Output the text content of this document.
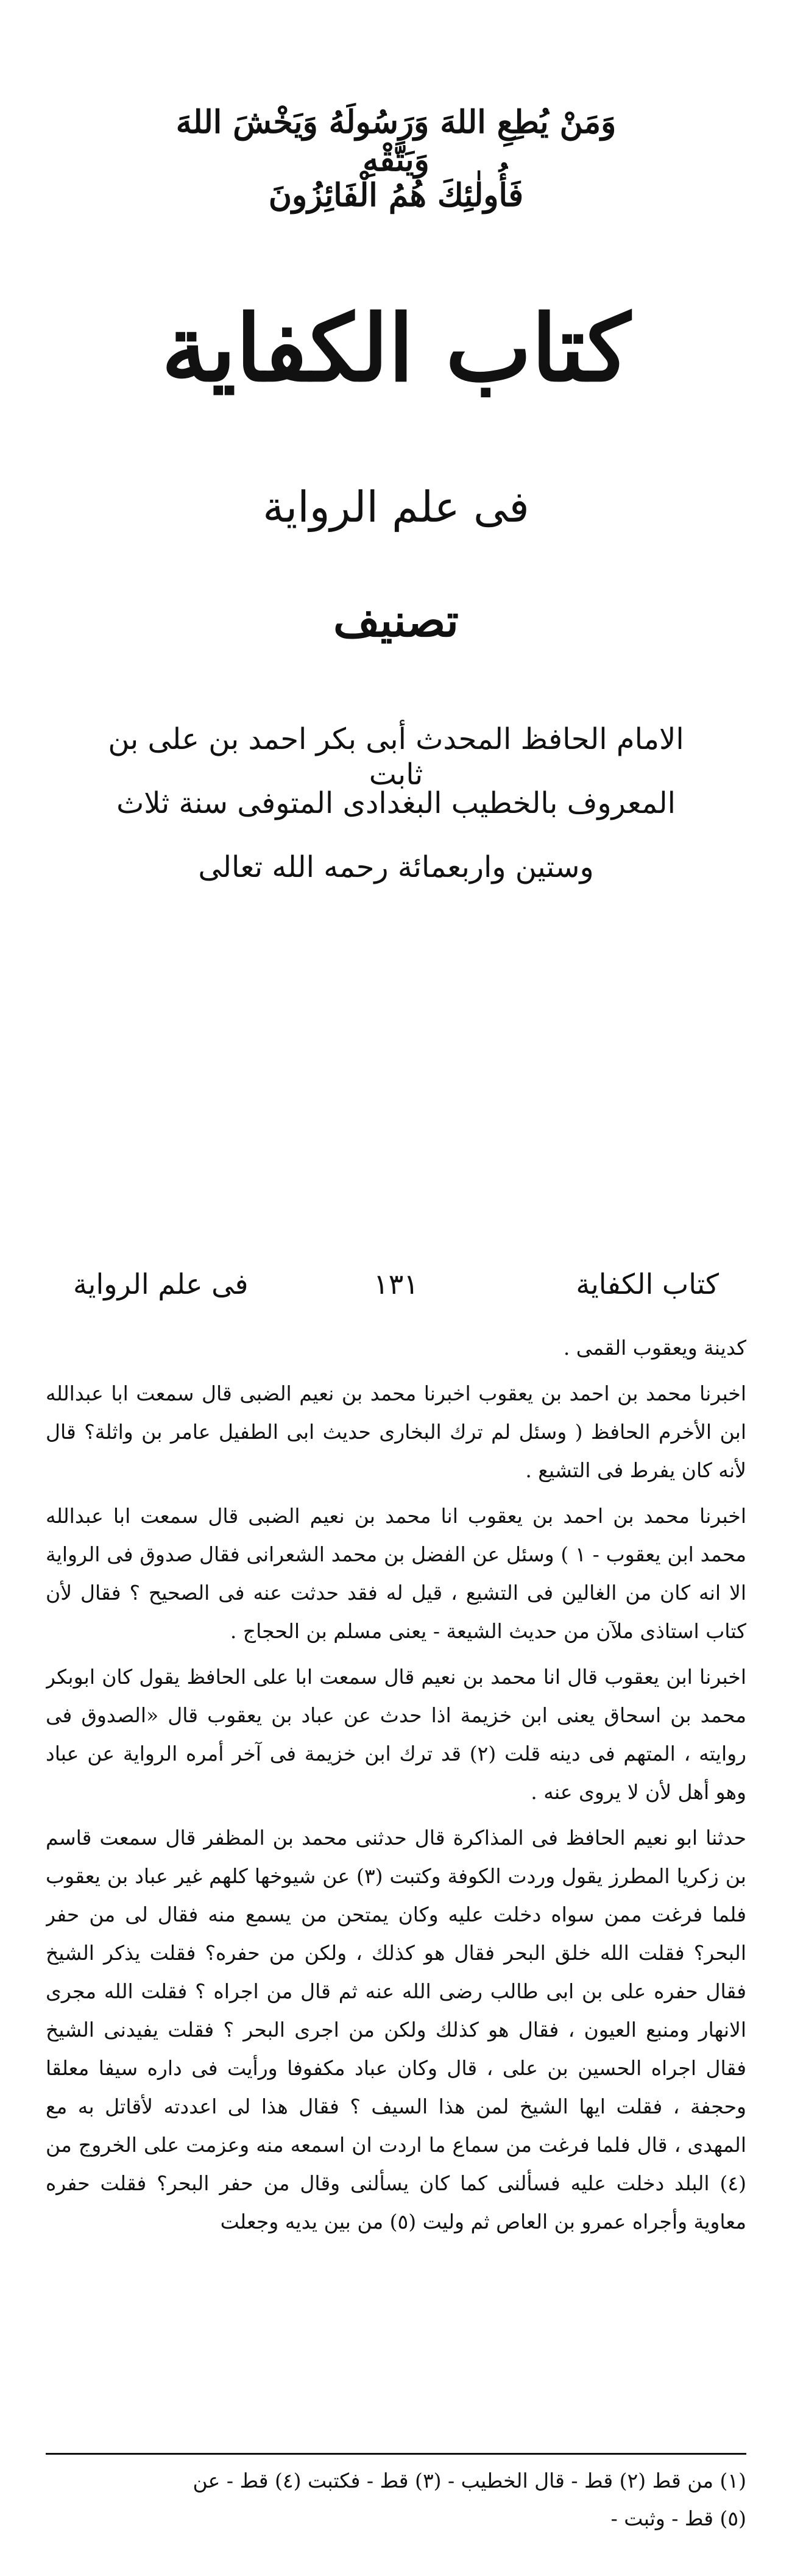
وَمَنْ يُطِعِ اللهَ وَرَسُولَهُ وَيَخْشَ اللهَ وَيَتَّقْهِ
فَأُولٰئِكَ هُمُ الْفَائِزُونَ
كتاب الكفاية
فى علم الرواية
تصنيف
الامام الحافظ المحدث أبى بكر احمد بن على بن ثابت
المعروف بالخطيب البغدادى المتوفى سنة ثلاث
وستين واربعمائة رحمه الله تعالى
كتاب الكفاية
١٣١
فى علم الرواية

كدينة ويعقوب القمى .

اخبرنا محمد بن احمد بن يعقوب اخبرنا محمد بن نعيم الضبى قال سمعت ابا عبدالله ابن الأخرم الحافظ ( وسئل لم ترك البخارى حديث ابى الطفيل عامر بن واثلة؟ قال لأنه كان يفرط فى التشيع .

اخبرنا محمد بن احمد بن يعقوب انا محمد بن نعيم الضبى قال سمعت ابا عبدالله محمد ابن يعقوب - ١ ) وسئل عن الفضل بن محمد الشعرانى فقال صدوق فى الرواية الا انه كان من الغالين فى التشيع ، قيل له فقد حدثت عنه فى الصحيح ؟ فقال لأن كتاب استاذى ملآن من حديث الشيعة - يعنى مسلم بن الحجاج .

اخبرنا ابن يعقوب قال انا محمد بن نعيم قال سمعت ابا على الحافظ يقول كان ابوبكر محمد بن اسحاق يعنى ابن خزيمة اذا حدث عن عباد بن يعقوب قال «الصدوق فى روايته ، المتهم فى دينه قلت (٢) قد ترك ابن خزيمة فى آخر أمره الرواية عن عباد وهو أهل لأن لا يروى عنه .

حدثنا ابو نعيم الحافظ فى المذاكرة قال حدثنى محمد بن المظفر قال سمعت قاسم بن زكريا المطرز يقول وردت الكوفة وكتبت (٣) عن شيوخها كلهم غير عباد بن يعقوب فلما فرغت ممن سواه دخلت عليه وكان يمتحن من يسمع منه فقال لى من حفر البحر؟ فقلت الله خلق البحر فقال هو كذلك ، ولكن من حفره؟ فقلت يذكر الشيخ فقال حفره على بن ابى طالب رضى الله عنه ثم قال من اجراه ؟ فقلت الله مجرى الانهار ومنبع العيون ، فقال هو كذلك ولكن من اجرى البحر ؟ فقلت يفيدنى الشيخ فقال اجراه الحسين بن على ، قال وكان عباد مكفوفا ورأيت فى داره سيفا معلقا وحجفة ، فقلت ايها الشيخ لمن هذا السيف ؟ فقال هذا لى اعددته لأقاتل به مع المهدى ، قال فلما فرغت من سماع ما اردت ان اسمعه منه وعزمت على الخروج من (٤) البلد دخلت عليه فسألنى كما كان يسألنى وقال من حفر البحر؟ فقلت حفره معاوية وأجراه عمرو بن العاص ثم وليت (٥) من بين يديه وجعلت

(١) من قط (٢) قط - قال الخطيب - (٣) قط - فكتبت (٤) قط - عن
(٥) قط - وثبت -
